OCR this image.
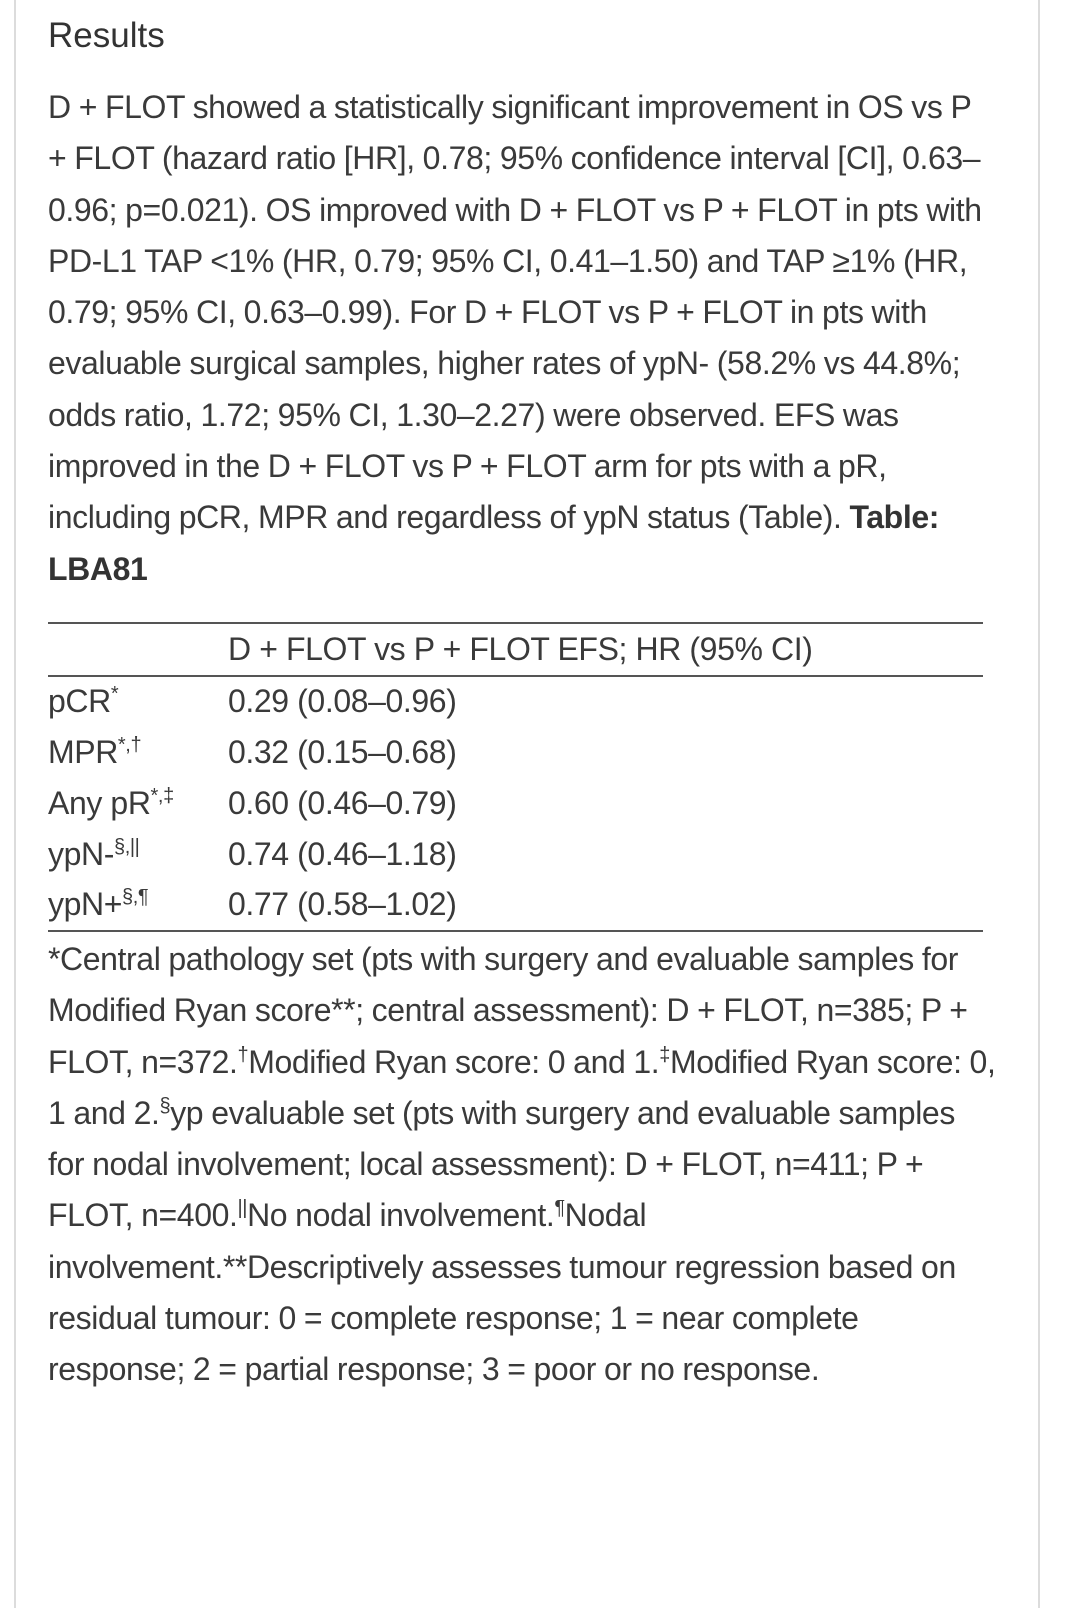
Results
D + FLOT showed a statistically significant improvement in OS vs P + FLOT (hazard ratio [HR], 0.78; 95% confidence interval [CI], 0.63–0.96; p=0.021). OS improved with D + FLOT vs P + FLOT in pts with PD-L1 TAP <1% (HR, 0.79; 95% CI, 0.41–1.50) and TAP ≥1% (HR, 0.79; 95% CI, 0.63–0.99). For D + FLOT vs P + FLOT in pts with evaluable surgical samples, higher rates of ypN- (58.2% vs 44.8%; odds ratio, 1.72; 95% CI, 1.30–2.27) were observed. EFS was improved in the D + FLOT vs P + FLOT arm for pts with a pR, including pCR, MPR and regardless of ypN status (Table). Table: LBA81
	D + FLOT vs P + FLOT EFS; HR (95% CI)
pCR*	0.29 (0.08–0.96)
MPR*,†	0.32 (0.15–0.68)
Any pR*,‡	0.60 (0.46–0.79)
ypN-§,||	0.74 (0.46–1.18)
ypN+§,¶	0.77 (0.58–1.02)
*Central pathology set (pts with surgery and evaluable samples for Modified Ryan score**; central assessment): D + FLOT, n=385; P + FLOT, n=372.†Modified Ryan score: 0 and 1.‡Modified Ryan score: 0, 1 and 2.§yp evaluable set (pts with surgery and evaluable samples for nodal involvement; local assessment): D + FLOT, n=411; P + FLOT, n=400.||No nodal involvement.¶Nodal involvement.**Descriptively assesses tumour regression based on residual tumour: 0 = complete response; 1 = near complete response; 2 = partial response; 3 = poor or no response.
